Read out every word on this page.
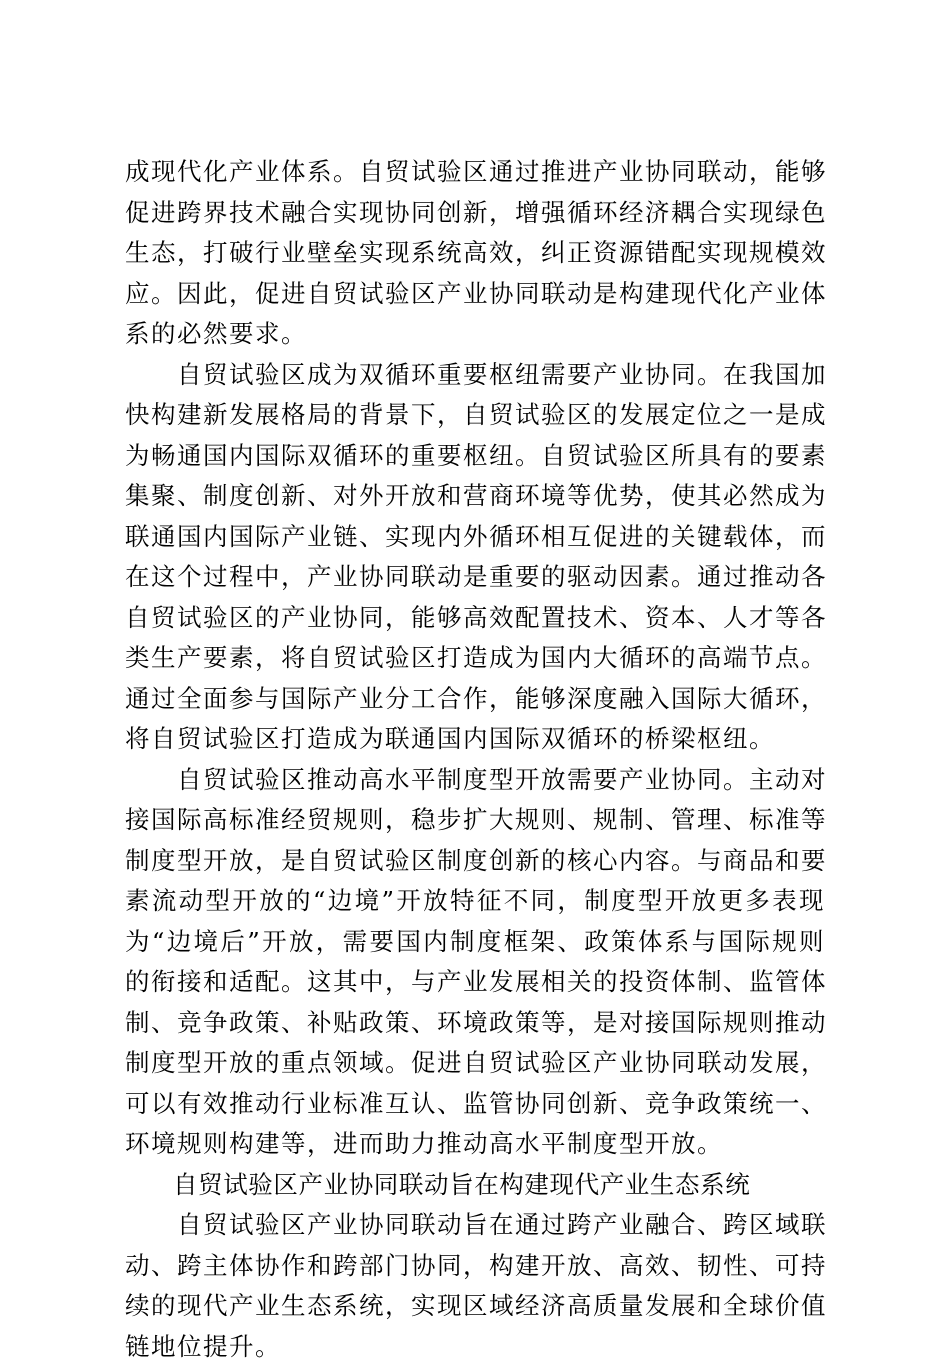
成现代化产业体系。自贸试验区通过推进产业协同联动，能够
促进跨界技术融合实现协同创新，增强循环经济耦合实现绿色
生态，打破行业壁垒实现系统高效，纠正资源错配实现规模效
应。因此，促进自贸试验区产业协同联动是构建现代化产业体
系的必然要求。
自贸试验区成为双循环重要枢纽需要产业协同。在我国加
快构建新发展格局的背景下，自贸试验区的发展定位之一是成
为畅通国内国际双循环的重要枢纽。自贸试验区所具有的要素
集聚、制度创新、对外开放和营商环境等优势，使其必然成为
联通国内国际产业链、实现内外循环相互促进的关键载体，而
在这个过程中，产业协同联动是重要的驱动因素。通过推动各
自贸试验区的产业协同，能够高效配置技术、资本、人才等各
类生产要素，将自贸试验区打造成为国内大循环的高端节点。
通过全面参与国际产业分工合作，能够深度融入国际大循环，
将自贸试验区打造成为联通国内国际双循环的桥梁枢纽。
自贸试验区推动高水平制度型开放需要产业协同。主动对
接国际高标准经贸规则，稳步扩大规则、规制、管理、标准等
制度型开放，是自贸试验区制度创新的核心内容。与商品和要
素流动型开放的“边境”开放特征不同，制度型开放更多表现
为“边境后”开放，需要国内制度框架、政策体系与国际规则
的衔接和适配。这其中，与产业发展相关的投资体制、监管体
制、竞争政策、补贴政策、环境政策等，是对接国际规则推动
制度型开放的重点领域。促进自贸试验区产业协同联动发展，
可以有效推动行业标准互认、监管协同创新、竞争政策统一、
环境规则构建等，进而助力推动高水平制度型开放。
自贸试验区产业协同联动旨在构建现代产业生态系统
自贸试验区产业协同联动旨在通过跨产业融合、跨区域联
动、跨主体协作和跨部门协同，构建开放、高效、韧性、可持
续的现代产业生态系统，实现区域经济高质量发展和全球价值
链地位提升。
